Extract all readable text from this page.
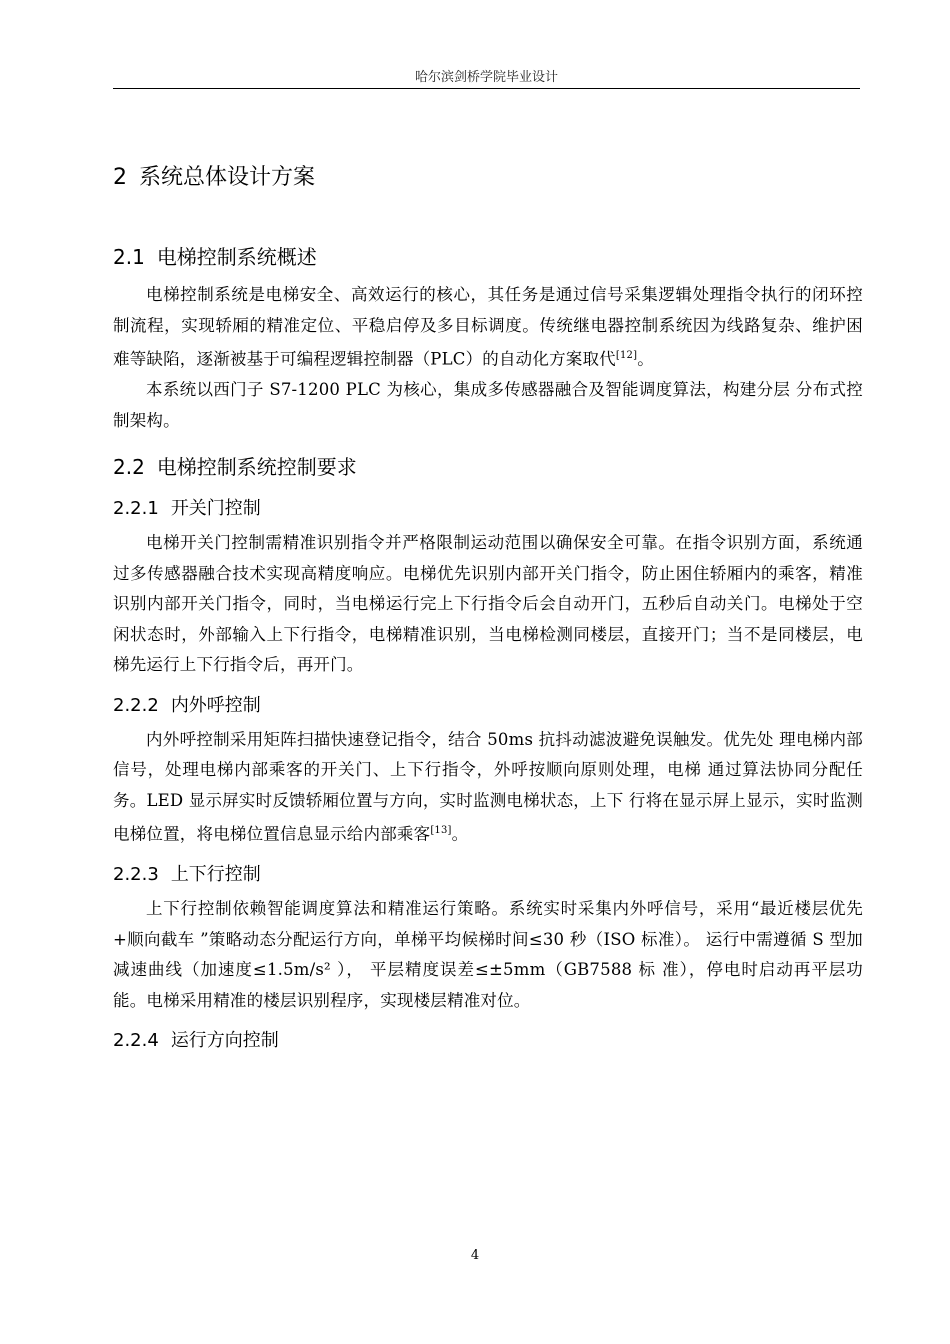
哈尔滨剑桥学院毕业设计
2 系统总体设计方案
2.1 电梯控制系统概述

电梯控制系统是电梯安全、高效运行的核心，其任务是通过信号采集逻辑处理指令执行的闭环控制流程，实现轿厢的精准定位、平稳启停及多目标调度。传统继电器控制系统因为线路复杂、维护困难等缺陷，逐渐被基于可编程逻辑控制器（PLC）的自动化方案取代[12]。

本系统以西门子 S7-1200 PLC 为核心，集成多传感器融合及智能调度算法，构建分层 分布式控制架构。

2.2 电梯控制系统控制要求
2.2.1 开关门控制

电梯开关门控制需精准识别指令并严格限制运动范围以确保安全可靠。在指令识别方面，系统通过多传感器融合技术实现高精度响应。电梯优先识别内部开关门指令，防止困住轿厢内的乘客，精准识别内部开关门指令，同时，当电梯运行完上下行指令后会自动开门，五秒后自动关门。电梯处于空闲状态时，外部输入上下行指令，电梯精准识别，当电梯检测同楼层，直接开门；当不是同楼层，电梯先运行上下行指令后，再开门。

2.2.2 内外呼控制

内外呼控制采用矩阵扫描快速登记指令，结合 50ms 抗抖动滤波避免误触发。优先处 理电梯内部信号，处理电梯内部乘客的开关门、上下行指令，外呼按顺向原则处理，电梯 通过算法协同分配任务。LED 显示屏实时反馈轿厢位置与方向，实时监测电梯状态，上下 行将在显示屏上显示，实时监测电梯位置，将电梯位置信息显示给内部乘客[13]。

2.2.3 上下行控制

上下行控制依赖智能调度算法和精准运行策略。系统实时采集内外呼信号，采用“最近楼层优先+顺向截车 ”策略动态分配运行方向，单梯平均候梯时间≤30 秒（ISO 标准）。 运行中需遵循 S 型加减速曲线（加速度≤1.5m/s² ）， 平层精度误差≤±5mm（GB7588 标 准），停电时启动再平层功能。电梯采用精准的楼层识别程序，实现楼层精准对位。

2.2.4 运行方向控制
4
